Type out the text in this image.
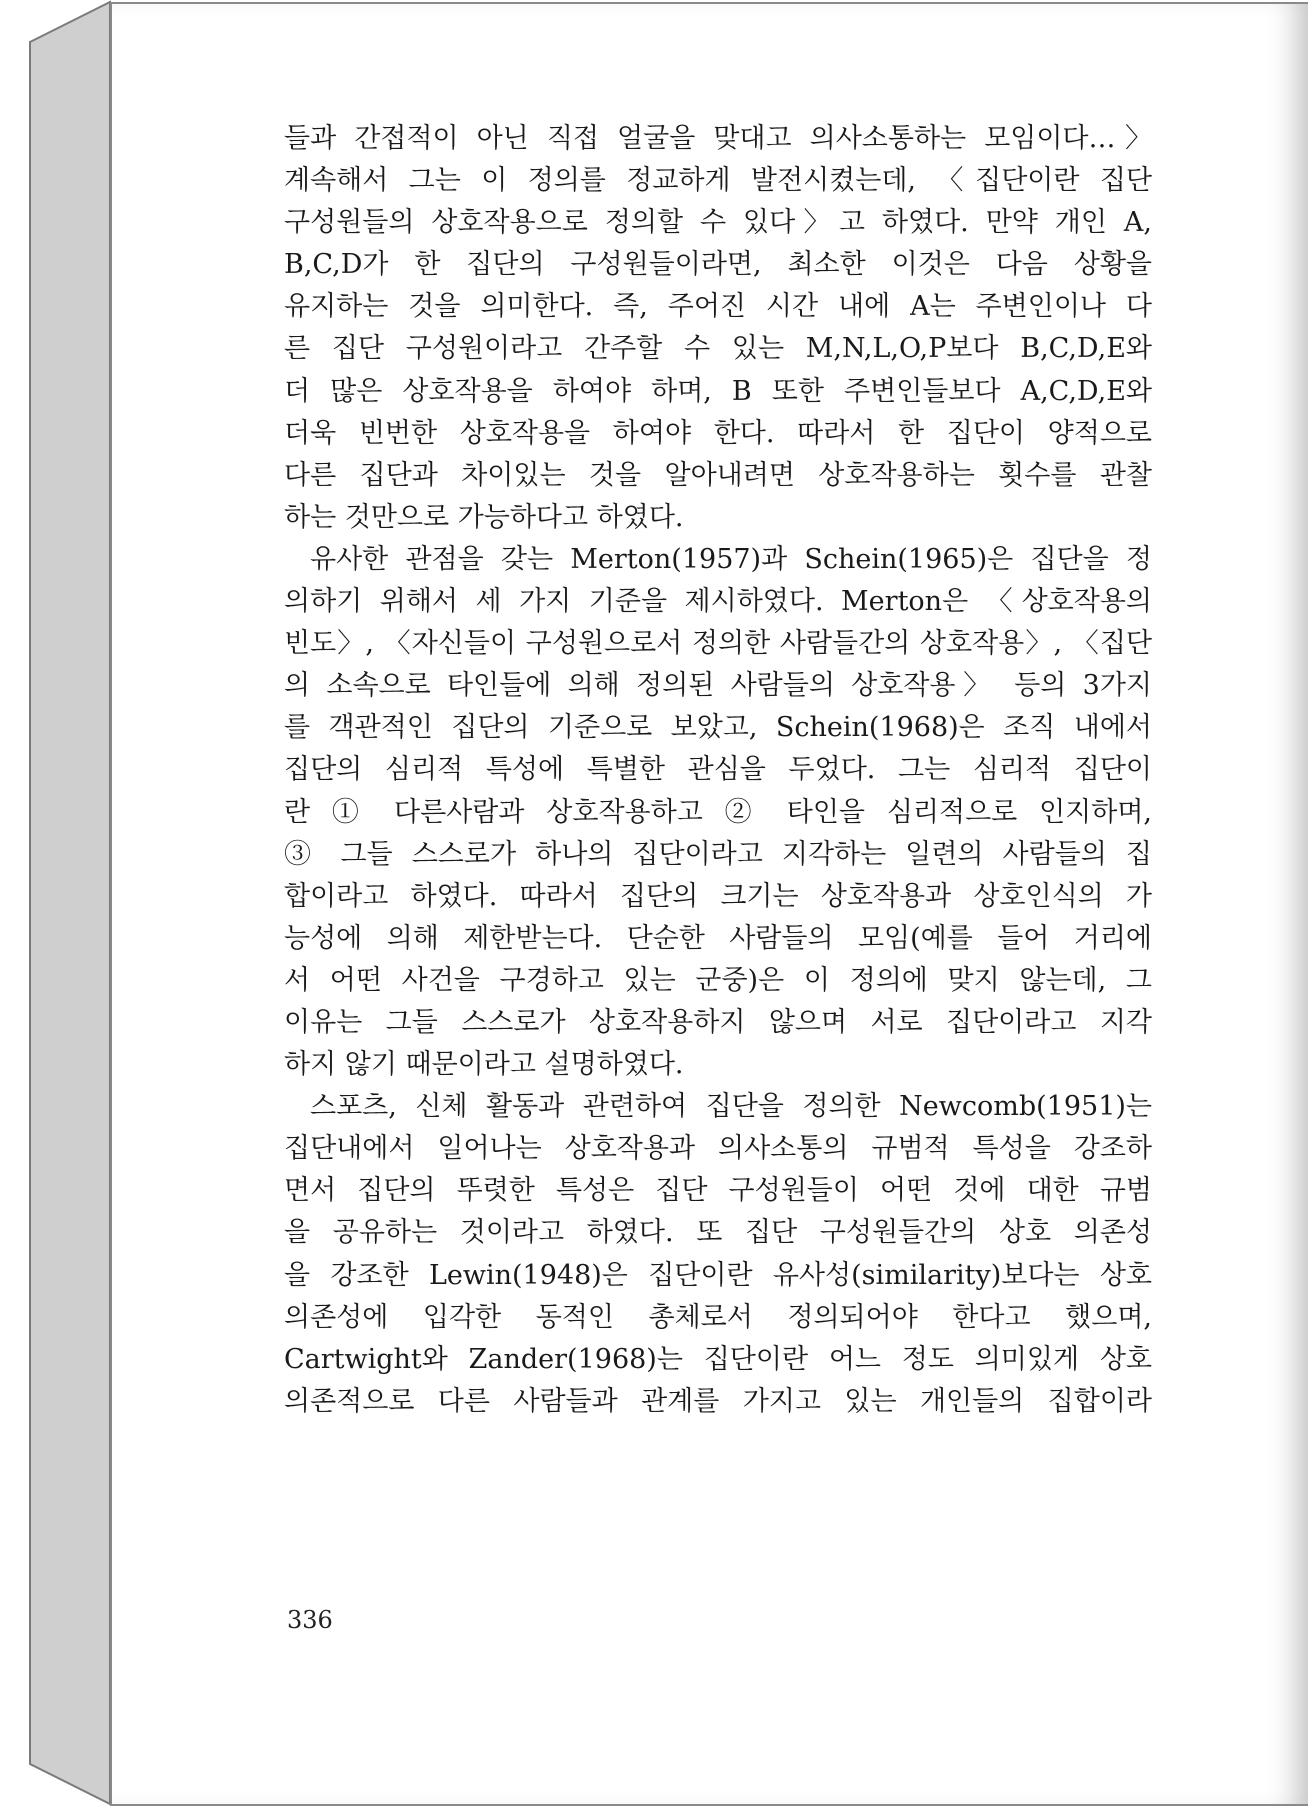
들과 간접적이 아닌 직접 얼굴을 맞대고 의사소통하는 모임이다…〉
계속해서 그는 이 정의를 정교하게 발전시켰는데, 〈집단이란 집단
구성원들의 상호작용으로 정의할 수 있다〉고 하였다. 만약 개인 A,
B,C,D가 한 집단의 구성원들이라면, 최소한 이것은 다음 상황을
유지하는 것을 의미한다. 즉, 주어진 시간 내에 A는 주변인이나 다
른 집단 구성원이라고 간주할 수 있는 M,N,L,O,P보다 B,C,D,E와
더 많은 상호작용을 하여야 하며, B 또한 주변인들보다 A,C,D,E와
더욱 빈번한 상호작용을 하여야 한다. 따라서 한 집단이 양적으로
다른 집단과 차이있는 것을 알아내려면 상호작용하는 횟수를 관찰
하는 것만으로 가능하다고 하였다.
유사한 관점을 갖는 Merton(1957)과 Schein(1965)은 집단을 정
의하기 위해서 세 가지 기준을 제시하였다. Merton은 〈상호작용의
빈도〉, 〈자신들이 구성원으로서 정의한 사람들간의 상호작용〉, 〈집단
의 소속으로 타인들에 의해 정의된 사람들의 상호작용〉 등의 3가지
를 객관적인 집단의 기준으로 보았고, Schein(1968)은 조직 내에서
집단의 심리적 특성에 특별한 관심을 두었다. 그는 심리적 집단이
란 ① 다른사람과 상호작용하고 ② 타인을 심리적으로 인지하며,
③ 그들 스스로가 하나의 집단이라고 지각하는 일련의 사람들의 집
합이라고 하였다. 따라서 집단의 크기는 상호작용과 상호인식의 가
능성에 의해 제한받는다. 단순한 사람들의 모임(예를 들어 거리에
서 어떤 사건을 구경하고 있는 군중)은 이 정의에 맞지 않는데, 그
이유는 그들 스스로가 상호작용하지 않으며 서로 집단이라고 지각
하지 않기 때문이라고 설명하였다.
스포츠, 신체 활동과 관련하여 집단을 정의한 Newcomb(1951)는
집단내에서 일어나는 상호작용과 의사소통의 규범적 특성을 강조하
면서 집단의 뚜렷한 특성은 집단 구성원들이 어떤 것에 대한 규범
을 공유하는 것이라고 하였다. 또 집단 구성원들간의 상호 의존성
을 강조한 Lewin(1948)은 집단이란 유사성(similarity)보다는 상호
의존성에 입각한 동적인 총체로서 정의되어야 한다고 했으며,
Cartwight와 Zander(1968)는 집단이란 어느 정도 의미있게 상호
의존적으로 다른 사람들과 관계를 가지고 있는 개인들의 집합이라
336
